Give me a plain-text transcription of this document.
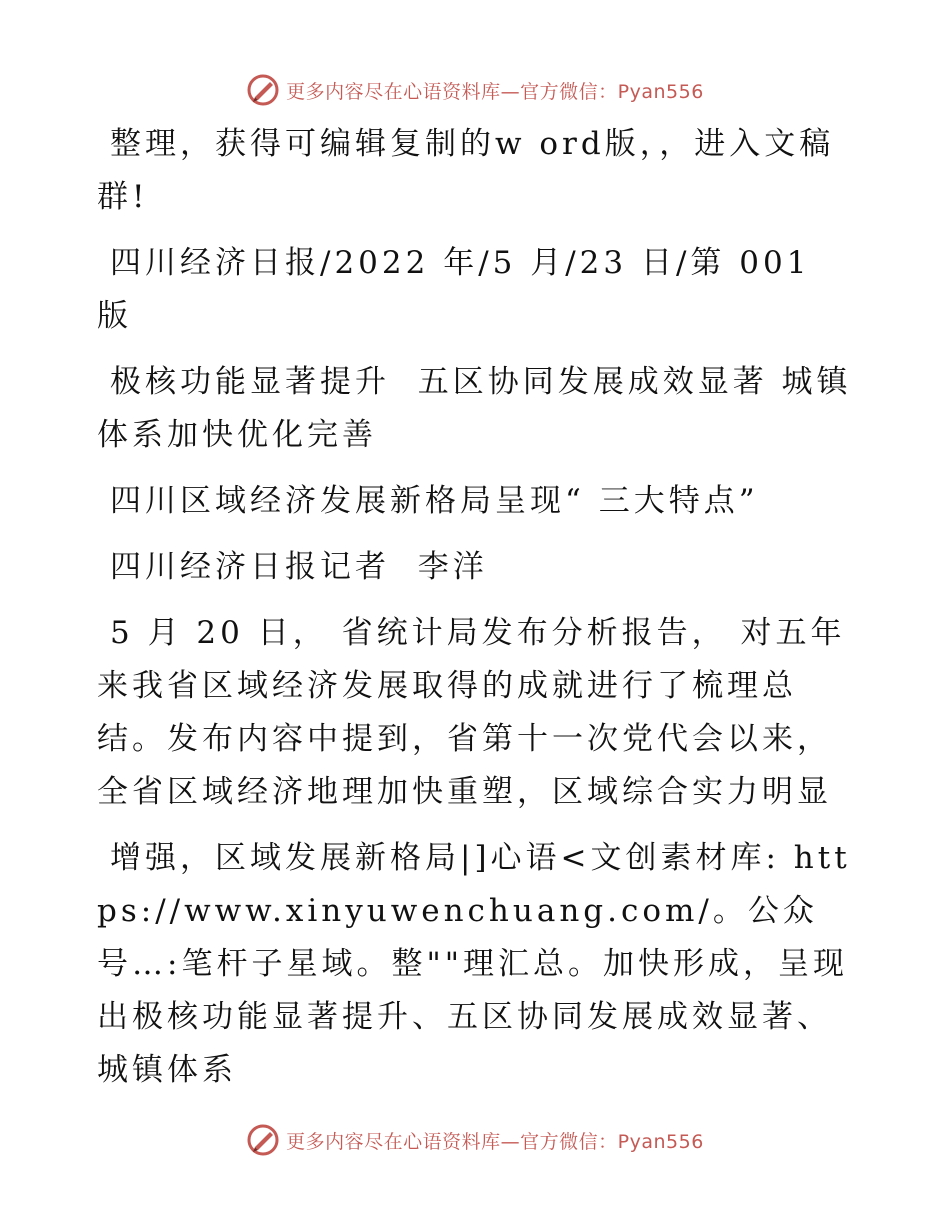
更多内容尽在心语资料库—官方微信：Pyan556

整理，获得可编辑复制的w ord版，，进入文稿群!

四川经济日报/2022 年/5 月/23 日/第 001 版

极核功能显著提升  五区协同发展成效显著 城镇体系加快优化完善

四川区域经济发展新格局呈现“ 三大特点”

四川经济日报记者  李洋

5 月 20 日， 省统计局发布分析报告， 对五年来我省区域经济发展取得的成就进行了梳理总结。发布内容中提到，省第十一次党代会以来，全省区域经济地理加快重塑，区域综合实力明显

增强，区域发展新格局|]心语<文创素材库: https://www.xinyuwenchuang.com/。公众号…:笔杆子星域。整""理汇总。加快形成，呈现出极核功能显著提升、五区协同发展成效显著、城镇体系

更多内容尽在心语资料库—官方微信：Pyan556
